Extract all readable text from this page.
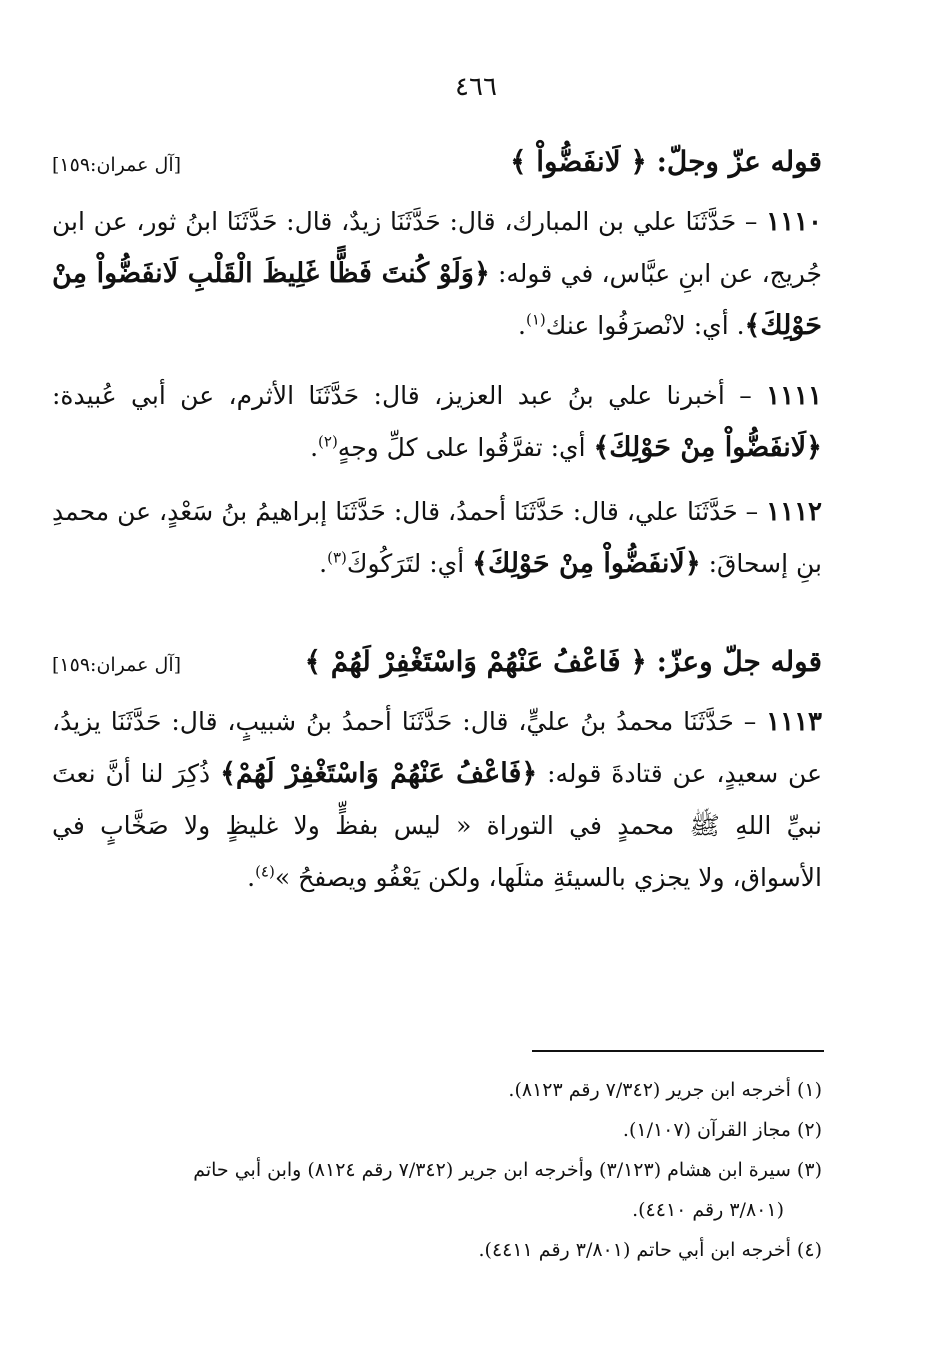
٤٦٦
قوله عزّ وجلّ: ﴿ لَانفَضُّواْ ﴾
[آل عمران:١٥٩]

١١١٠ – حَدَّثَنَا علي بن المبارك، قال: حَدَّثَنَا زيدٌ، قال: حَدَّثَنَا ابنُ ثور، عن ابن جُريج، عن ابنِ عبَّاس، في قوله: ﴿وَلَوْ كُنتَ فَظًّا غَلِيظَ الْقَلْبِ لَانفَضُّواْ مِنْ حَوْلِكَ﴾. أي: لانْصرَفُوا عنك$^{(١)}$.

١١١١ – أخبرنا علي بنُ عبد العزيز، قال: حَدَّثَنَا الأثرم، عن أبي عُبيدة: ﴿لَانفَضُّواْ مِنْ حَوْلِكَ﴾ أي: تفرَّقُوا على كلِّ وجهٍ$^{(٢)}$.

١١١٢ – حَدَّثَنَا علي، قال: حَدَّثَنَا أحمدُ، قال: حَدَّثَنَا إبراهيمُ بنُ سَعْدٍ، عن محمدِ بنِ إسحاقَ: ﴿لَانفَضُّواْ مِنْ حَوْلِكَ﴾ أي: لتَرَكُوكَ$^{(٣)}$.

قوله جلّ وعزّ: ﴿ فَاعْفُ عَنْهُمْ وَاسْتَغْفِرْ لَهُمْ ﴾
[آل عمران:١٥٩]

١١١٣ – حَدَّثَنَا محمدُ بنُ عليٍّ، قال: حَدَّثَنَا أحمدُ بنُ شبيبٍ، قال: حَدَّثَنَا يزيدُ، عن سعيدٍ، عن قتادةَ قوله: ﴿فَاعْفُ عَنْهُمْ وَاسْتَغْفِرْ لَهُمْ﴾ ذُكِرَ لنا أنَّ نعتَ نبيِّ اللهِ ﷺ محمدٍ في التوراة « ليس بفظٍّ ولا غليظٍ ولا صَخَّابٍ في الأسواق، ولا يجزي بالسيئةِ مثلَها، ولكن يَعْفُو ويصفحُ »$^{(٤)}$.

(١) أخرجه ابن جرير (٧/٣٤٢ رقم ٨١٢٣).

(٢) مجاز القرآن (١/١٠٧).

(٣) سيرة ابن هشام (٣/١٢٣) وأخرجه ابن جرير (٧/٣٤٢ رقم ٨١٢٤) وابن أبي حاتم

(٣/٨٠١ رقم ٤٤١٠).

(٤) أخرجه ابن أبي حاتم (٣/٨٠١ رقم ٤٤١١).
